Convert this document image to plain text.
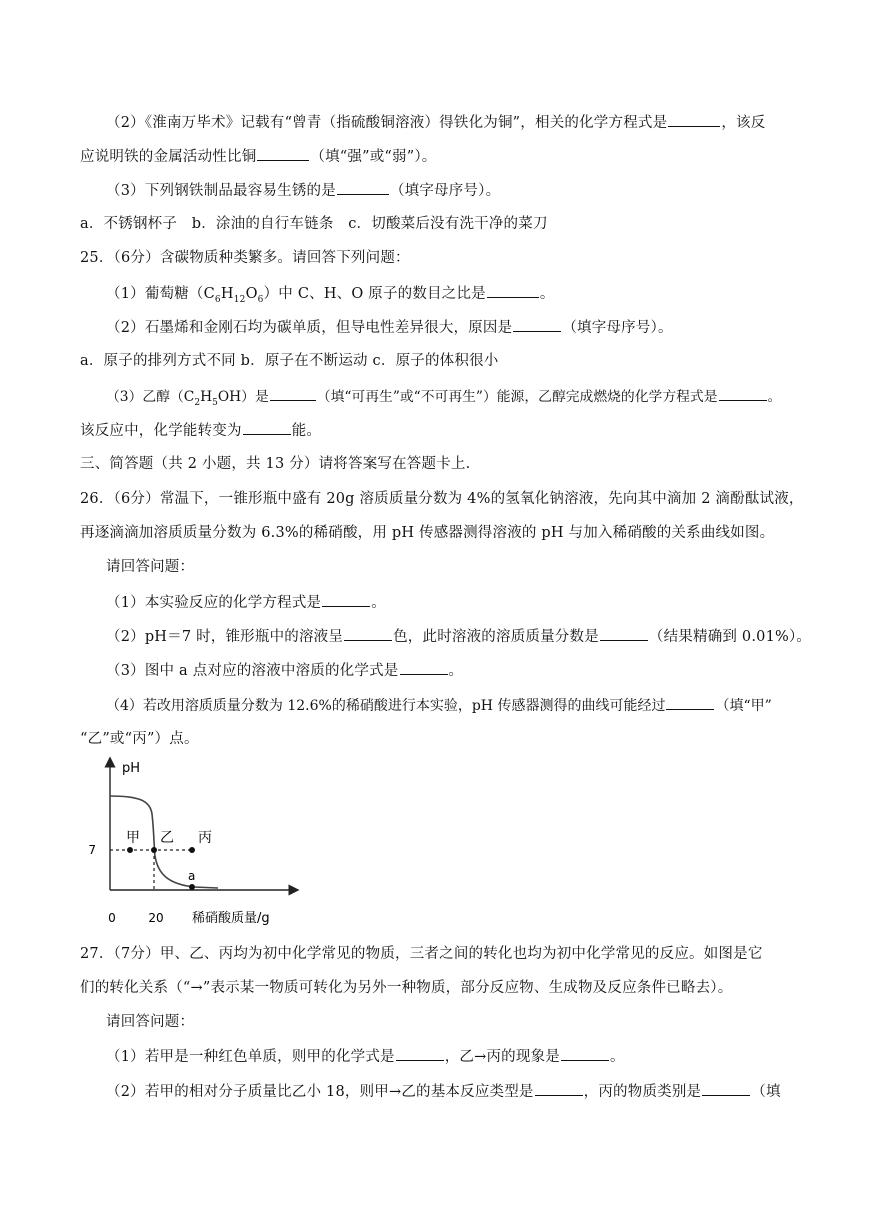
（2）《淮南万毕术》记载有“曾青（指硫酸铜溶液）得铁化为铜”，相关的化学方程式是	，该反
应说明铁的金属活动性比铜	（填“强”或“弱”）。
（3）下列钢铁制品最容易生锈的是	（填字母序号）。
a．不锈钢杯子　b．涂油的自行车链条　c．切酸菜后没有洗干净的菜刀
25．（6分）含碳物质种类繁多。请回答下列问题：
（1）葡萄糖$(C_6H_{12}O_6)$中 C、H、O 原子的数目之比是	。
（2）石墨烯和金刚石均为碳单质，但导电性差异很大，原因是	（填字母序号）。
a．原子的排列方式不同 b．原子在不断运动 c．原子的体积很小
（3）乙醇$(C_2H_5OH)$是	（填“可再生”或“不可再生”）能源，乙醇完成燃烧的化学方程式是	。
该反应中，化学能转变为	能。
三、简答题（共 2 小题，共 13 分）请将答案写在答题卡上.
26．（6分）常温下，一锥形瓶中盛有 20g 溶质质量分数为 4%的氢氧化钠溶液，先向其中滴加 2 滴酚酞试液，
再逐滴滴加溶质质量分数为 6.3%的稀硝酸，用 pH 传感器测得溶液的 pH 与加入稀硝酸的关系曲线如图。
请回答问题：
（1）本实验反应的化学方程式是	。
（2）pH＝7 时，锥形瓶中的溶液呈	色，此时溶液的溶质质量分数是	（结果精确到 0.01%）。
（3）图中 a 点对应的溶液中溶质的化学式是	。
（4）若改用溶质质量分数为 12.6%的稀硝酸进行本实验，pH 传感器测得的曲线可能经过	（填“甲”
“乙”或“丙”）点。
pH
7
0	20 稀硝酸质量/g
甲 乙 丙
a
27．（7分）甲、乙、丙均为初中化学常见的物质，三者之间的转化也均为初中化学常见的反应。如图是它
们的转化关系（“→”表示某一物质可转化为另外一种物质，部分反应物、生成物及反应条件已略去）。
请回答问题：
（1）若甲是一种红色单质，则甲的化学式是	，乙→丙的现象是	。
（2）若甲的相对分子质量比乙小 18，则甲→乙的基本反应类型是	，丙的物质类别是	（填
